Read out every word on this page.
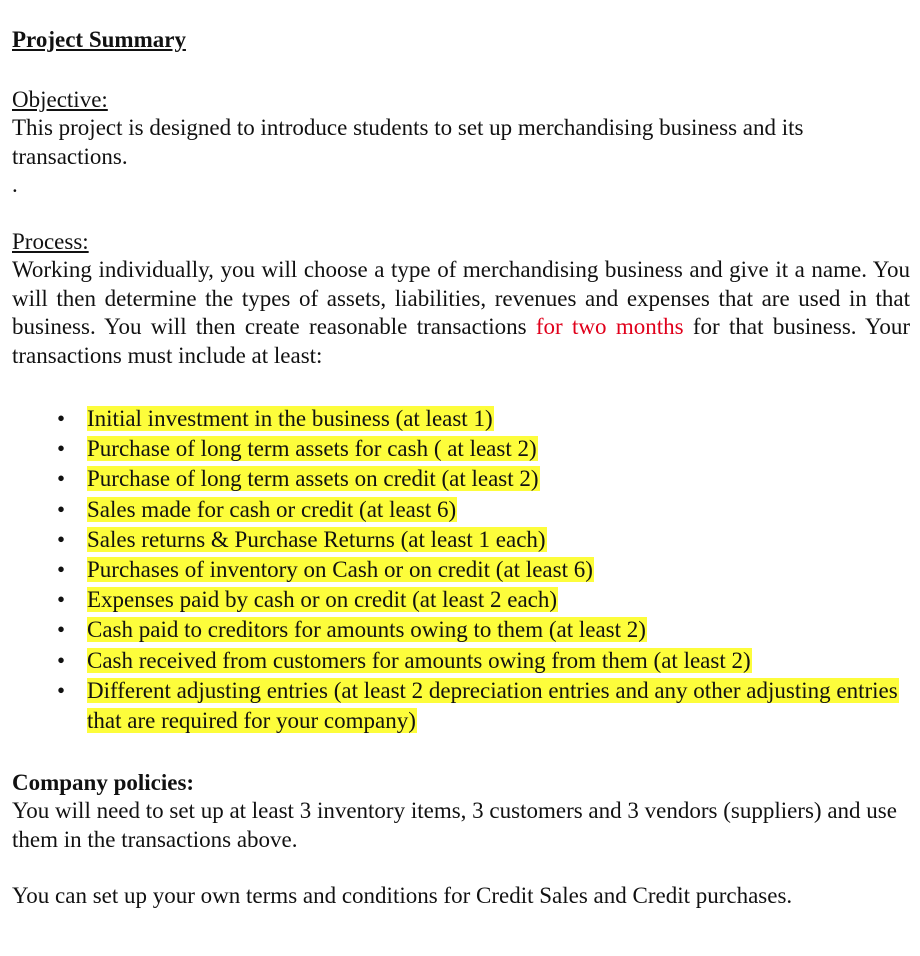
Project Summary

Objective:

This project is designed to introduce students to set up merchandising business and its transactions.

.

Process:

Working individually, you will choose a type of merchandising business and give it a name. You will then determine the types of assets, liabilities, revenues and expenses that are used in that business. You will then create reasonable transactions for two months for that business. Your transactions must include at least:

• Initial investment in the business (at least 1)
• Purchase of long term assets for cash ( at least 2)
• Purchase of long term assets on credit (at least 2)
• Sales made for cash or credit (at least 6)
• Sales returns & Purchase Returns (at least 1 each)
• Purchases of inventory on Cash or on credit (at least 6)
• Expenses paid by cash or on credit (at least 2 each)
• Cash paid to creditors for amounts owing to them (at least 2)
• Cash received from customers for amounts owing from them (at least 2)
• Different adjusting entries (at least 2 depreciation entries and any other adjusting entries that are required for your company)

Company policies:

You will need to set up at least 3 inventory items, 3 customers and 3 vendors (suppliers) and use them in the transactions above.

You can set up your own terms and conditions for Credit Sales and Credit purchases.
